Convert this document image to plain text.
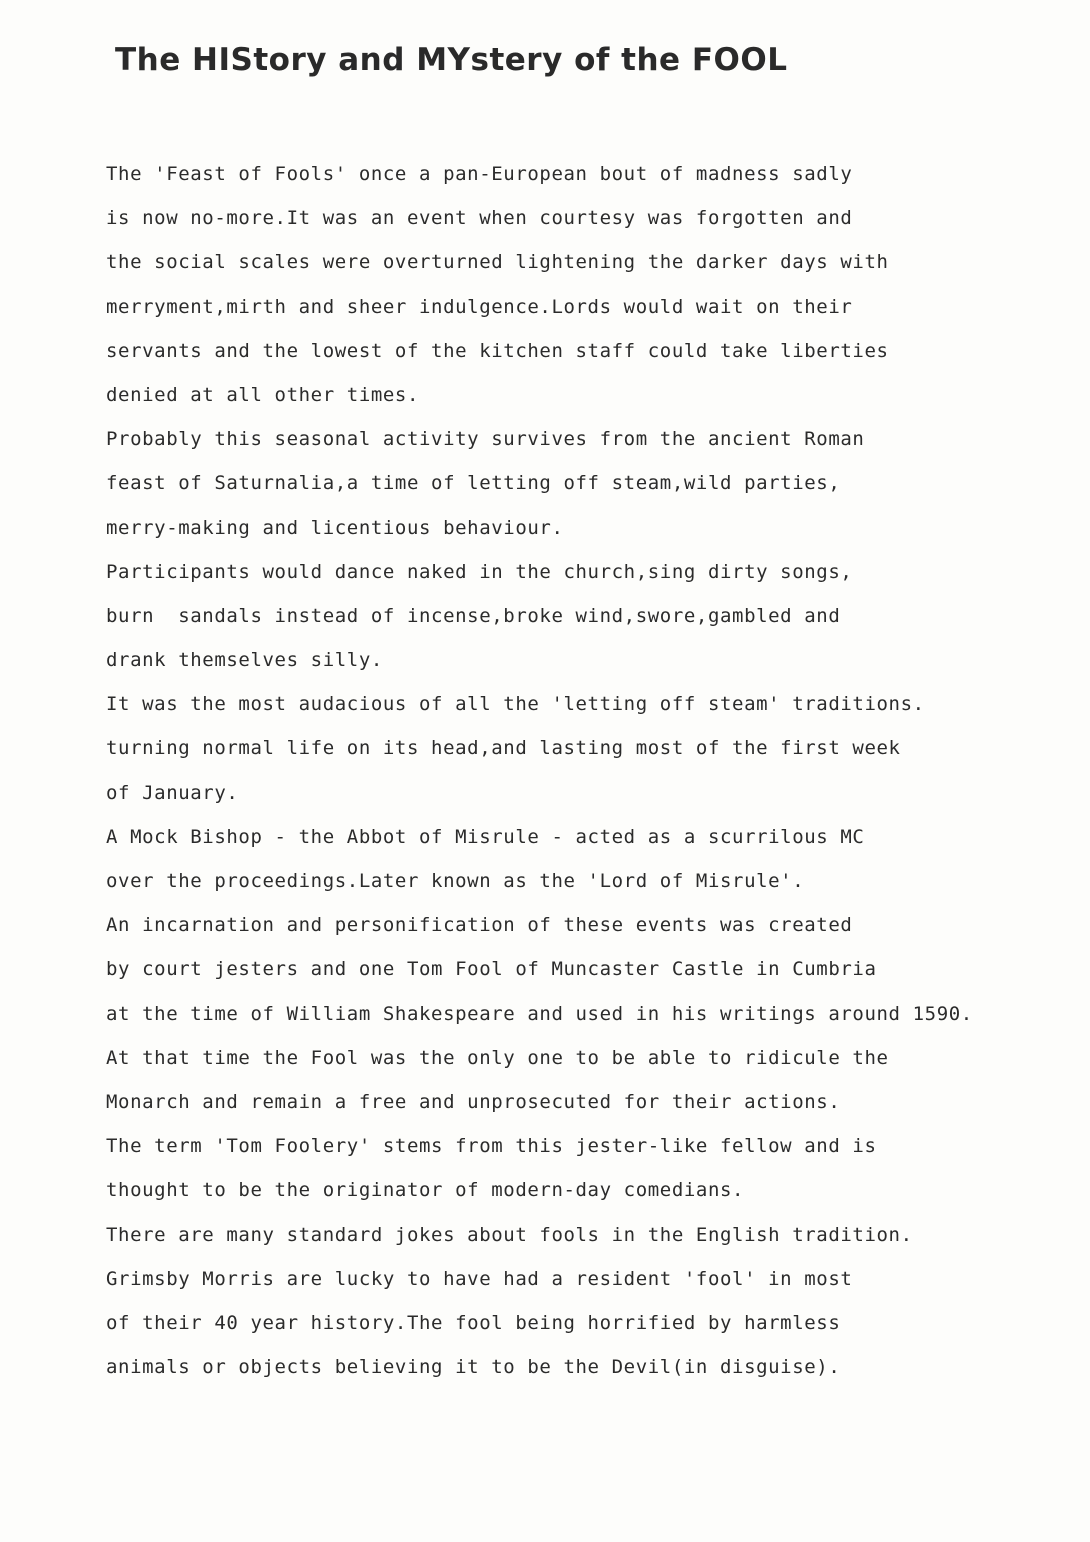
The HIStory and MYstery of the FOOL
The 'Feast of Fools' once a pan-European bout of madness sadly
is now no-more.It was an event when courtesy was forgotten and
the social scales were overturned lightening the darker days with
merryment,mirth and sheer indulgence.Lords would wait on their
servants and the lowest of the kitchen staff could take liberties
denied at all other times.
Probably this seasonal activity survives from the ancient Roman
feast of Saturnalia,a time of letting off steam,wild parties,
merry-making and licentious behaviour.
Participants would dance naked in the church,sing dirty songs,
burn  sandals instead of incense,broke wind,swore,gambled and
drank themselves silly.
It was the most audacious of all the 'letting off steam' traditions.
turning normal life on its head,and lasting most of the first week
of January.
A Mock Bishop - the Abbot of Misrule - acted as a scurrilous MC
over the proceedings.Later known as the 'Lord of Misrule'.
An incarnation and personification of these events was created
by court jesters and one Tom Fool of Muncaster Castle in Cumbria
at the time of William Shakespeare and used in his writings around 1590.
At that time the Fool was the only one to be able to ridicule the
Monarch and remain a free and unprosecuted for their actions.
The term 'Tom Foolery' stems from this jester-like fellow and is
thought to be the originator of modern-day comedians.
There are many standard jokes about fools in the English tradition.
Grimsby Morris are lucky to have had a resident 'fool' in most
of their 40 year history.The fool being horrified by harmless
animals or objects believing it to be the Devil(in disguise).
